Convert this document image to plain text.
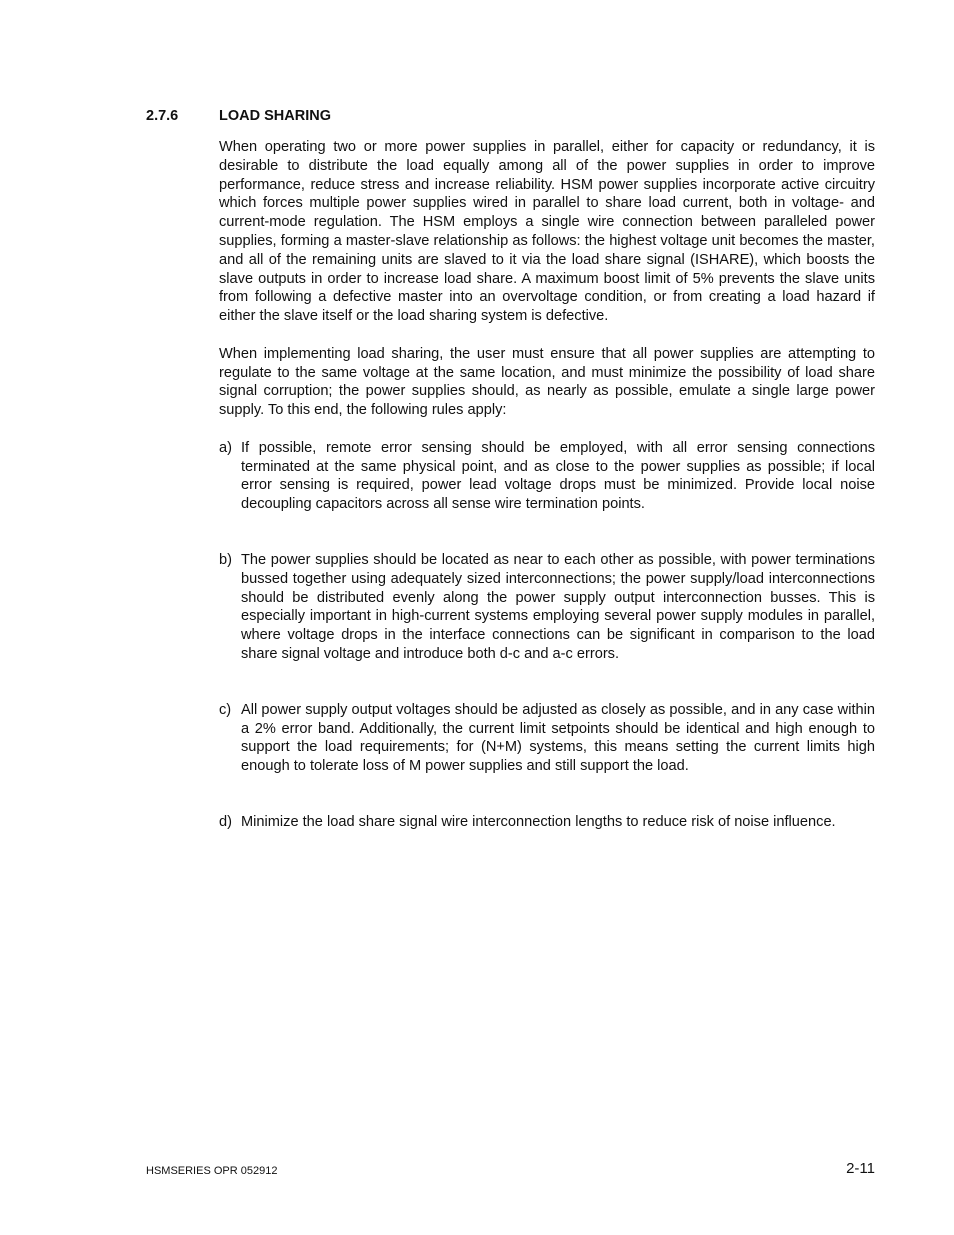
2.7.6	LOAD SHARING

When operating two or more power supplies in parallel, either for capacity or redundancy, it is desirable to distribute the load equally among all of the power supplies in order to improve performance, reduce stress and increase reliability. HSM power supplies incorporate active circuitry which forces multiple power supplies wired in parallel to share load current, both in voltage- and current-mode regulation. The HSM employs a single wire connection between paralleled power supplies, forming a master-slave relationship as follows: the highest voltage unit becomes the master, and all of the remaining units are slaved to it via the load share signal (ISHARE), which boosts the slave outputs in order to increase load share. A maximum boost limit of 5% prevents the slave units from following a defective master into an overvoltage condition, or from creating a load hazard if either the slave itself or the load sharing system is defective.

When implementing load sharing, the user must ensure that all power supplies are attempting to regulate to the same voltage at the same location, and must minimize the possibility of load share signal corruption; the power supplies should, as nearly as possible, emulate a single large power supply. To this end, the following rules apply:

a) If possible, remote error sensing should be employed, with all error sensing connections terminated at the same physical point, and as close to the power supplies as possible; if local error sensing is required, power lead voltage drops must be minimized. Provide local noise decoupling capacitors across all sense wire termination points.
b) The power supplies should be located as near to each other as possible, with power terminations bussed together using adequately sized interconnections; the power supply/load interconnections should be distributed evenly along the power supply output interconnection busses. This is especially important in high-current systems employing several power supply modules in parallel, where voltage drops in the interface connections can be significant in comparison to the load share signal voltage and introduce both d-c and a-c errors.
c) All power supply output voltages should be adjusted as closely as possible, and in any case within a 2% error band. Additionally, the current limit setpoints should be identical and high enough to support the load requirements; for (N+M) systems, this means setting the current limits high enough to tolerate loss of M power supplies and still support the load.
d) Minimize the load share signal wire interconnection lengths to reduce risk of noise influence.
HSMSERIES OPR 052912	2-11
